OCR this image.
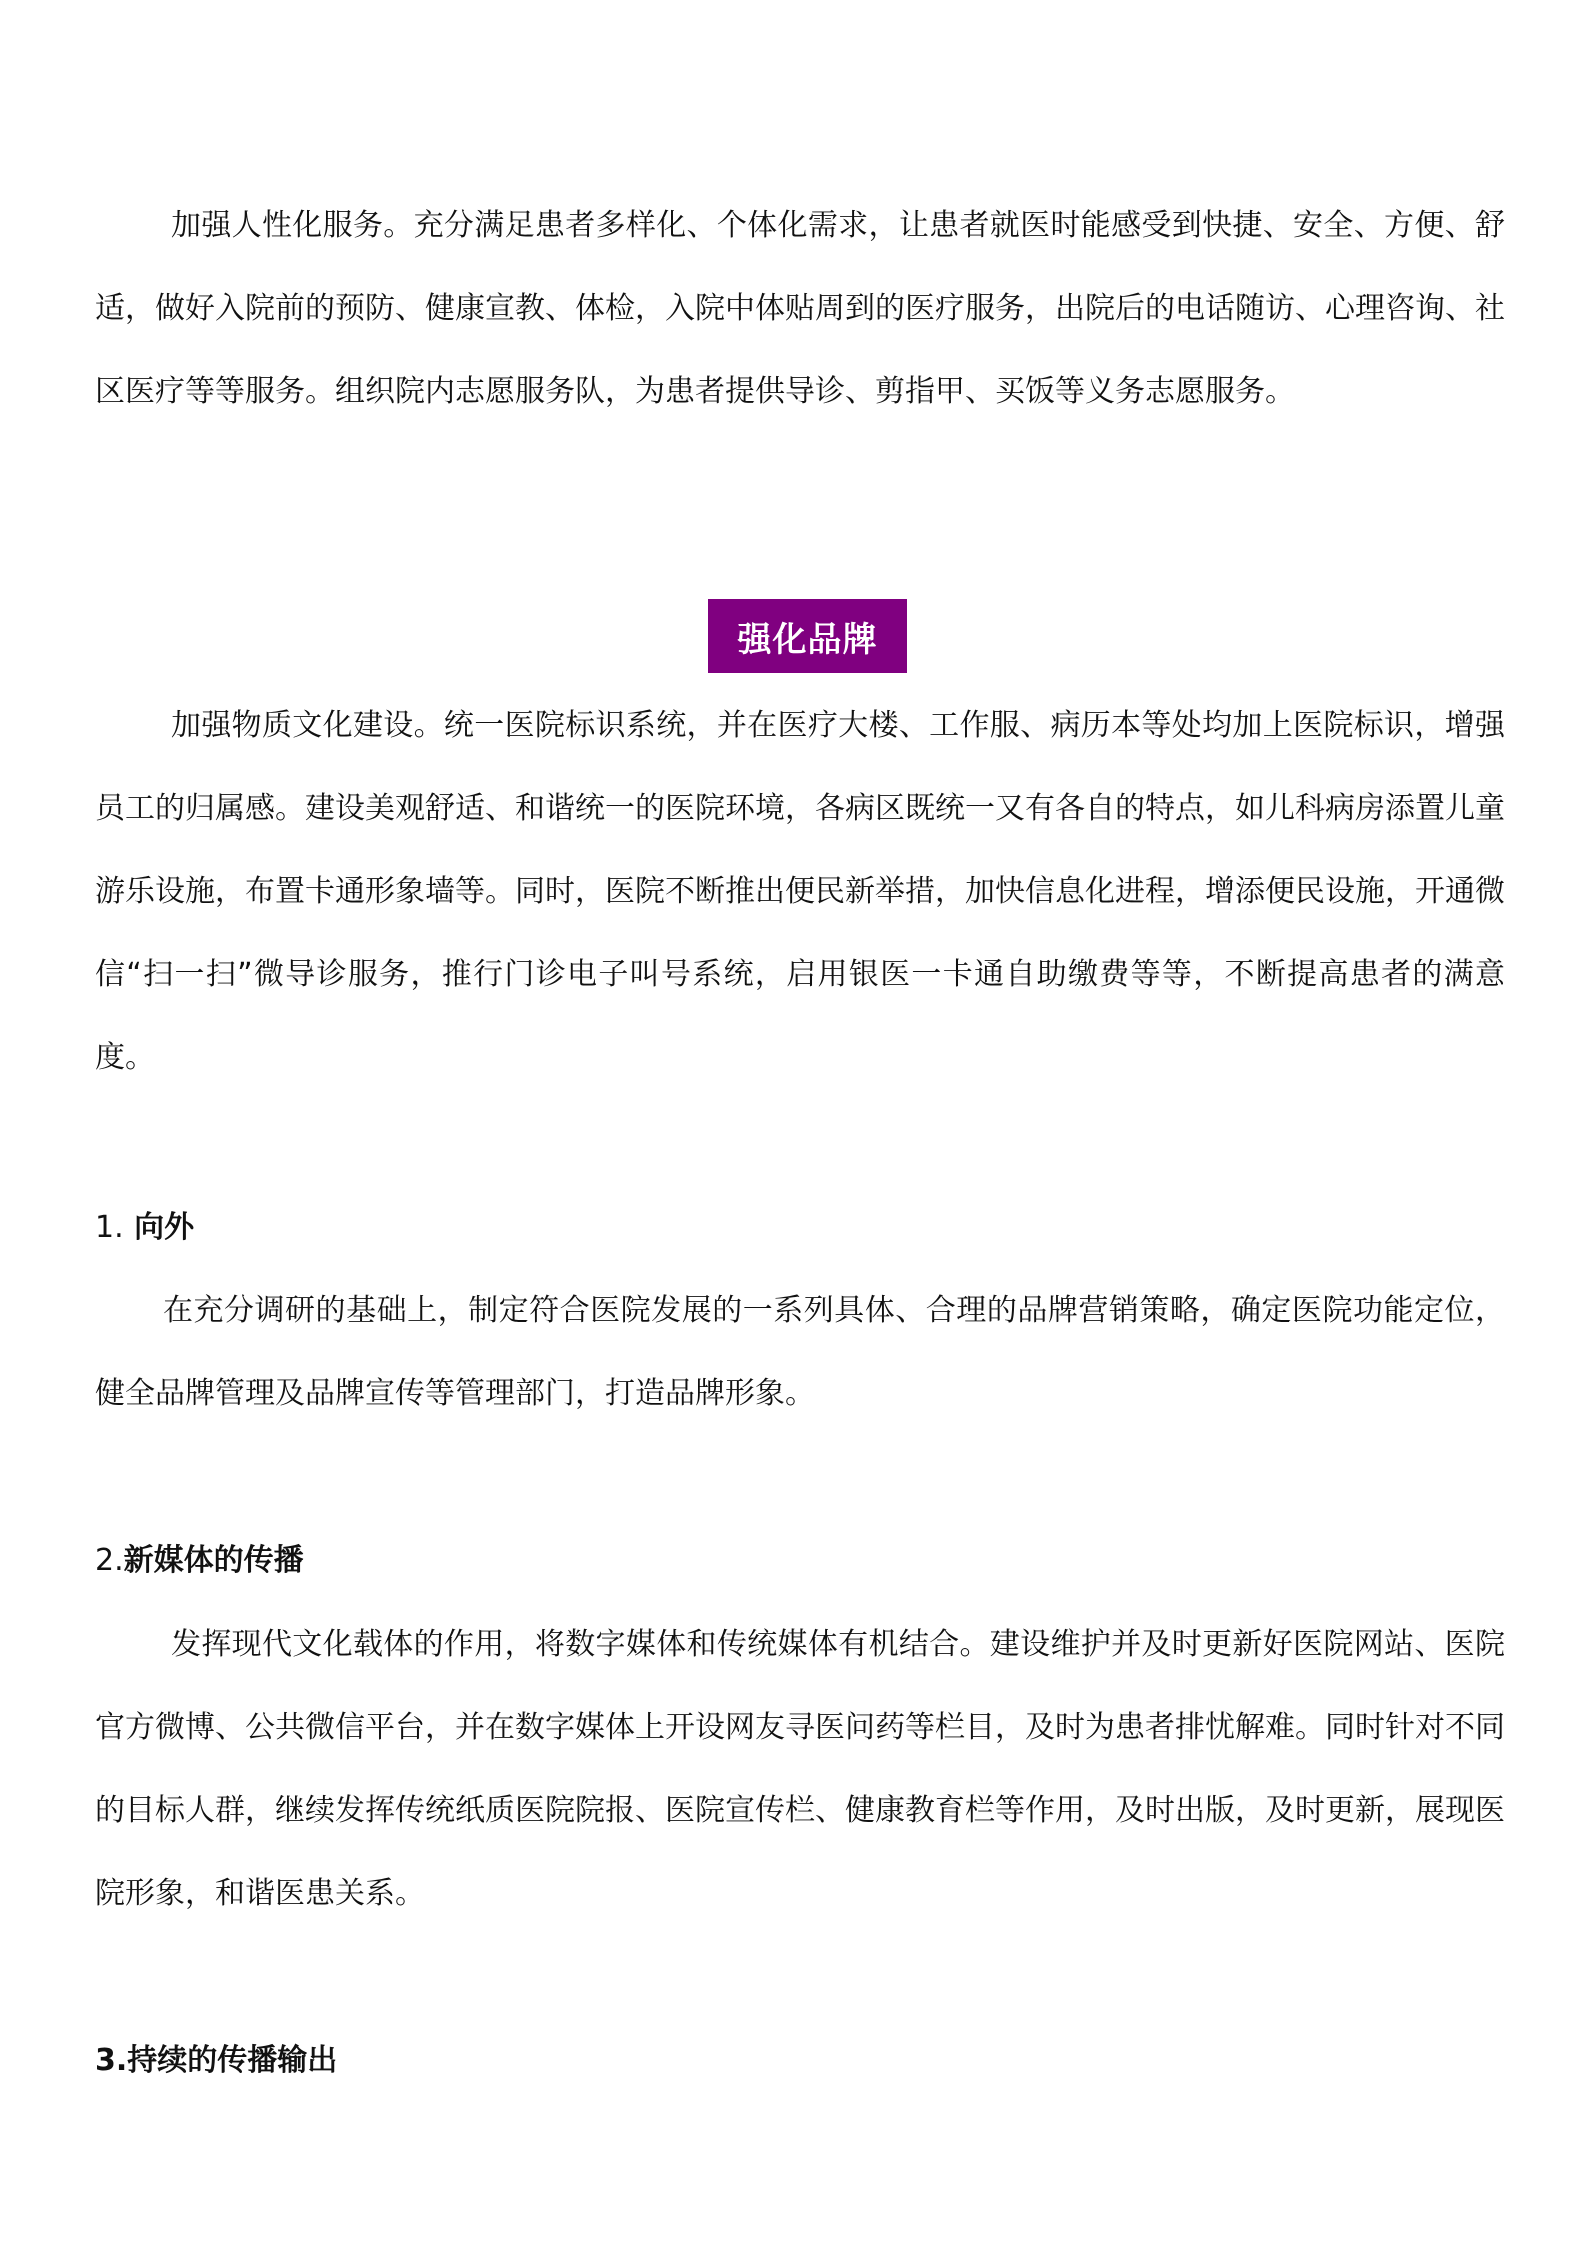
加强人性化服务。充分满足患者多样化、个体化需求，让患者就医时能感受到快捷、安全、方便、舒适，做好入院前的预防、健康宣教、体检，入院中体贴周到的医疗服务，出院后的电话随访、心理咨询、社区医疗等等服务。组织院内志愿服务队，为患者提供导诊、剪指甲、买饭等义务志愿服务。

强化品牌

加强物质文化建设。统一医院标识系统，并在医疗大楼、工作服、病历本等处均加上医院标识，增强员工的归属感。建设美观舒适、和谐统一的医院环境，各病区既统一又有各自的特点，如儿科病房添置儿童游乐设施，布置卡通形象墙等。同时，医院不断推出便民新举措，加快信息化进程，增添便民设施，开通微信“扫一扫”微导诊服务，推行门诊电子叫号系统，启用银医一卡通自助缴费等等，不断提高患者的满意度。

1. 向外

在充分调研的基础上，制定符合医院发展的一系列具体、合理的品牌营销策略，确定医院功能定位，健全品牌管理及品牌宣传等管理部门，打造品牌形象。

2.新媒体的传播

发挥现代文化载体的作用，将数字媒体和传统媒体有机结合。建设维护并及时更新好医院网站、医院官方微博、公共微信平台，并在数字媒体上开设网友寻医问药等栏目，及时为患者排忧解难。同时针对不同的目标人群，继续发挥传统纸质医院院报、医院宣传栏、健康教育栏等作用，及时出版，及时更新，展现医院形象，和谐医患关系。

3.持续的传播输出
